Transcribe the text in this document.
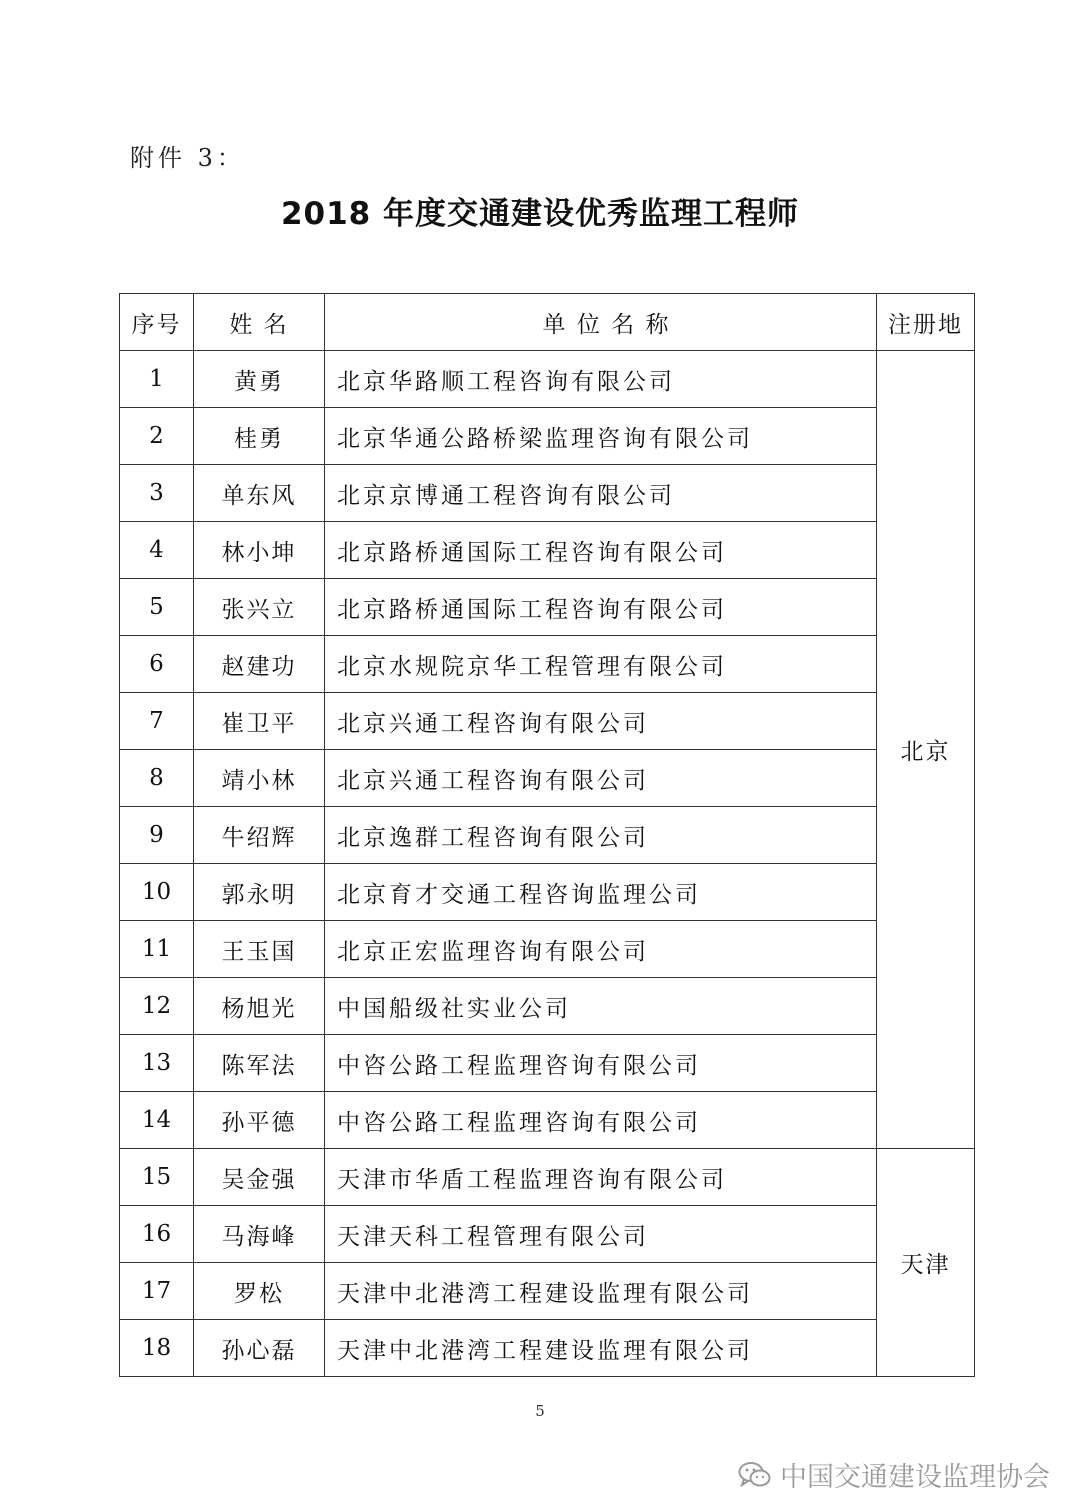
附件 3：
2018 年度交通建设优秀监理工程师
序号	姓 名	单 位 名 称	注册地
1	黄勇	北京华路顺工程咨询有限公司	北京
2	桂勇	北京华通公路桥梁监理咨询有限公司	
3	单东风	北京京博通工程咨询有限公司	
4	林小坤	北京路桥通国际工程咨询有限公司	
5	张兴立	北京路桥通国际工程咨询有限公司	
6	赵建功	北京水规院京华工程管理有限公司	
7	崔卫平	北京兴通工程咨询有限公司	
8	靖小林	北京兴通工程咨询有限公司	
9	牛绍辉	北京逸群工程咨询有限公司	
10	郭永明	北京育才交通工程咨询监理公司	
11	王玉国	北京正宏监理咨询有限公司	
12	杨旭光	中国船级社实业公司	
13	陈军法	中咨公路工程监理咨询有限公司	
14	孙平德	中咨公路工程监理咨询有限公司	
15	吴金强	天津市华盾工程监理咨询有限公司	天津
16	马海峰	天津天科工程管理有限公司	
17	罗松	天津中北港湾工程建设监理有限公司	
18	孙心磊	天津中北港湾工程建设监理有限公司	
5
中国交通建设监理协会
